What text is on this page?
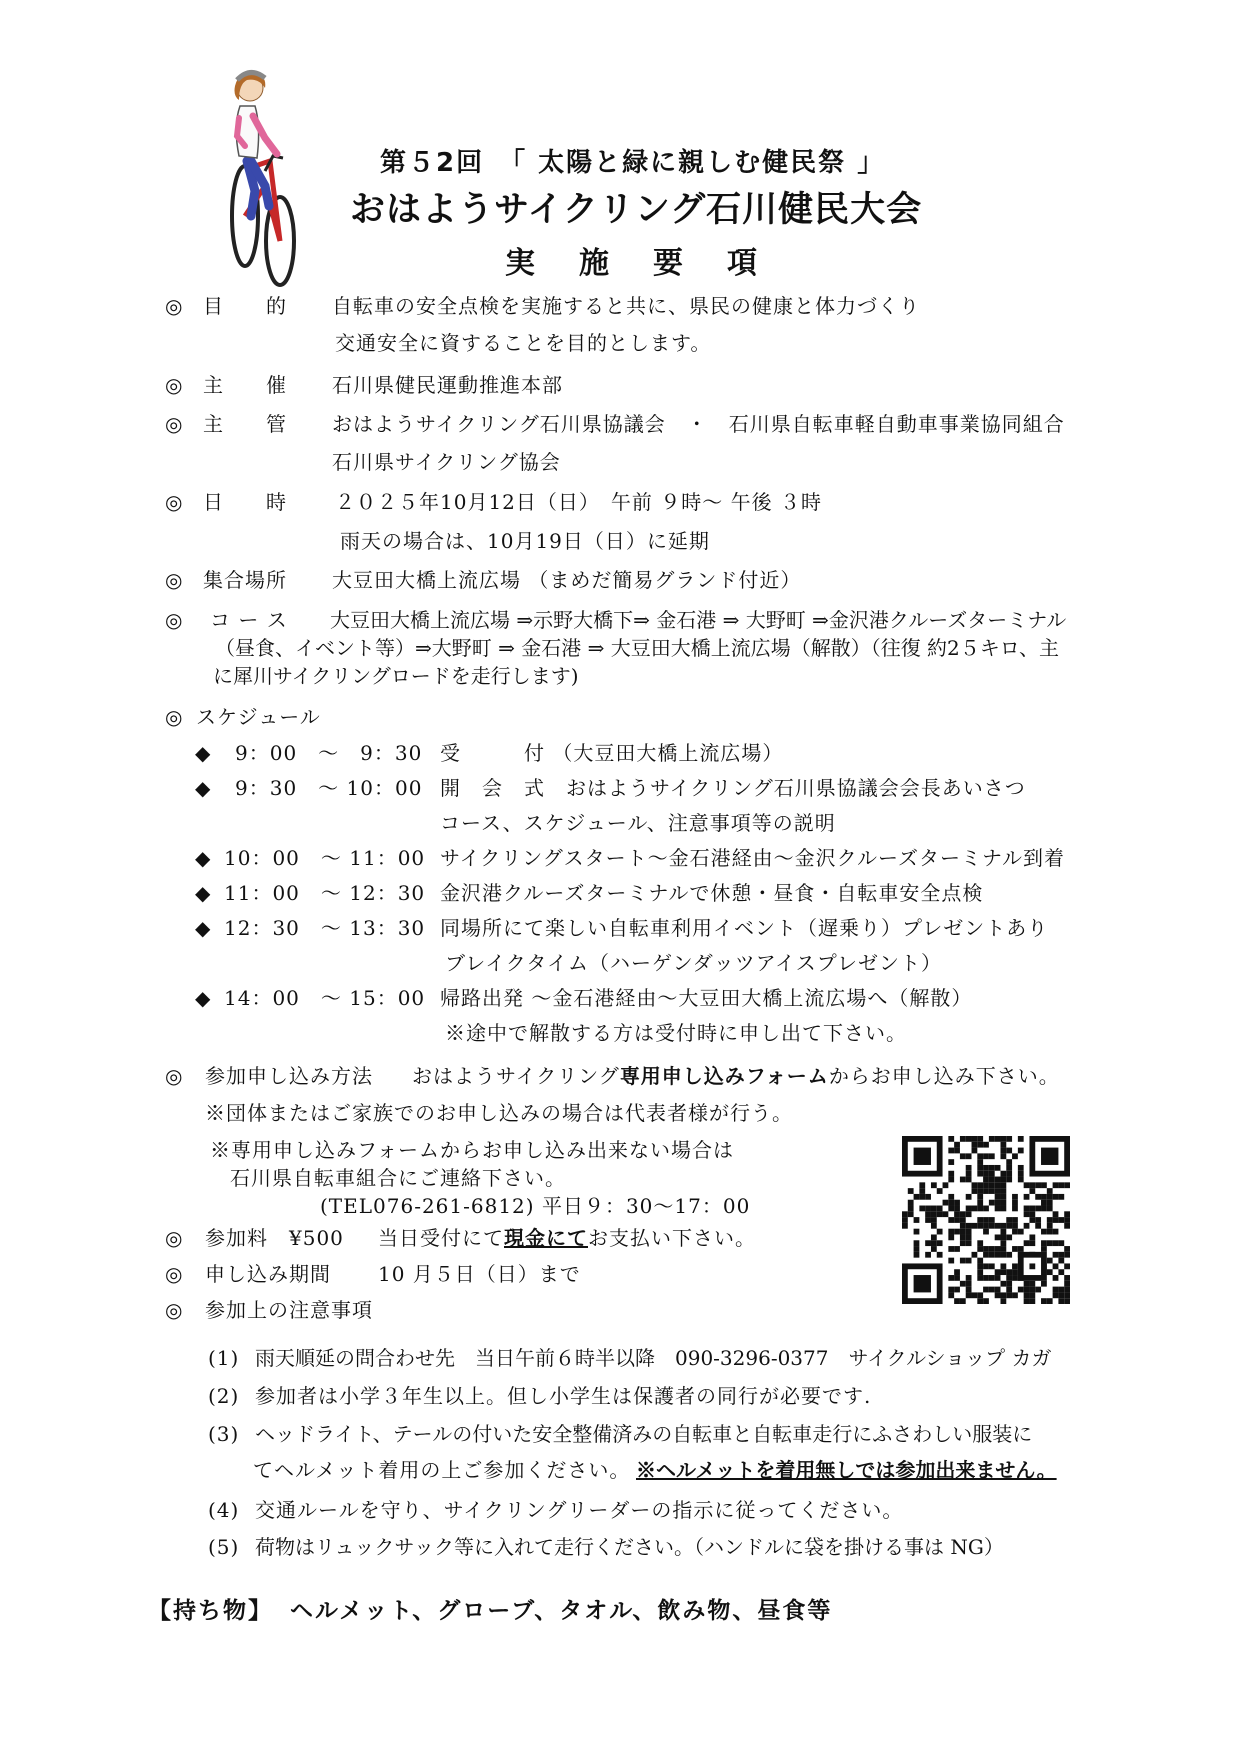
第５2回　「 太陽と緑に親しむ健民祭 」
おはようサイクリング石川健民大会
実施要項
◎ 目　　的 自転車の安全点検を実施すると共に、県民の健康と体力づくり
交通安全に資することを目的とします。
◎ 主　　催 石川県健民運動推進本部
◎ 主　　管 おはようサイクリング石川県協議会　・　石川県自転車軽自動車事業協同組合
石川県サイクリング協会
◎ 日　　時 ２０２５年10月12日（日）　午前 ９時～ 午後 ３時
雨天の場合は、10月19日（日）に延期
◎ 集合場所 大豆田大橋上流広場 （まめだ簡易グランド付近）
◎ コ ー ス 大豆田大橋上流広場 ⇒示野大橋下⇒ 金石港 ⇒ 大野町 ⇒金沢港クルーズターミナル
（昼食、イベント等）⇒大野町 ⇒ 金石港 ⇒ 大豆田大橋上流広場（解散）（往復 約2５キロ、主
に犀川サイクリングロードを走行します)
◎ スケジュール
◆ 9：00　～　9：30 受　　　付 （大豆田大橋上流広場）
◆ 9：30　～ 10：00 開　会　式　おはようサイクリング石川県協議会会長あいさつ
コース、スケジュール、注意事項等の説明
◆ 10：00　～ 11：00 サイクリングスタート～金石港経由～金沢クルーズターミナル到着
◆ 11：00　～ 12：30 金沢港クルーズターミナルで休憩・昼食・自転車安全点検
◆ 12：30　～ 13：30 同場所にて楽しい自転車利用イベント（遅乗り）プレゼントあり
ブレイクタイム（ハーゲンダッツアイスプレゼント）
◆ 14：00　～ 15：00 帰路出発 ～金石港経由～大豆田大橋上流広場へ（解散）
※途中で解散する方は受付時に申し出て下さい。
◎ 参加申し込み方法 おはようサイクリング専用申し込みフォームからお申し込み下さい。
※団体またはご家族でのお申し込みの場合は代表者様が行う。
※専用申し込みフォームからお申し込み出来ない場合は
石川県自転車組合にご連絡下さい。
(TEL076-261-6812) 平日９：30～17：00
◎ 参加料 ¥500 当日受付にて現金にてお支払い下さい。
◎ 申し込み期間 10 月５日（日）まで
◎ 参加上の注意事項
(1) 雨天順延の問合わせ先　当日午前６時半以降　090-3296-0377　サイクルショップ カガ
(2) 参加者は小学３年生以上。但し小学生は保護者の同行が必要です.
(3) ヘッドライト、テールの付いた安全整備済みの自転車と自転車走行にふさわしい服装に
てヘルメット着用の上ご参加ください。 ※ヘルメットを着用無しでは参加出来ません。
(4) 交通ルールを守り、サイクリングリーダーの指示に従ってください。
(5) 荷物はリュックサック等に入れて走行ください。（ハンドルに袋を掛ける事は NG）
【持ち物】 ヘルメット、グローブ、タオル、飲み物、昼食等
